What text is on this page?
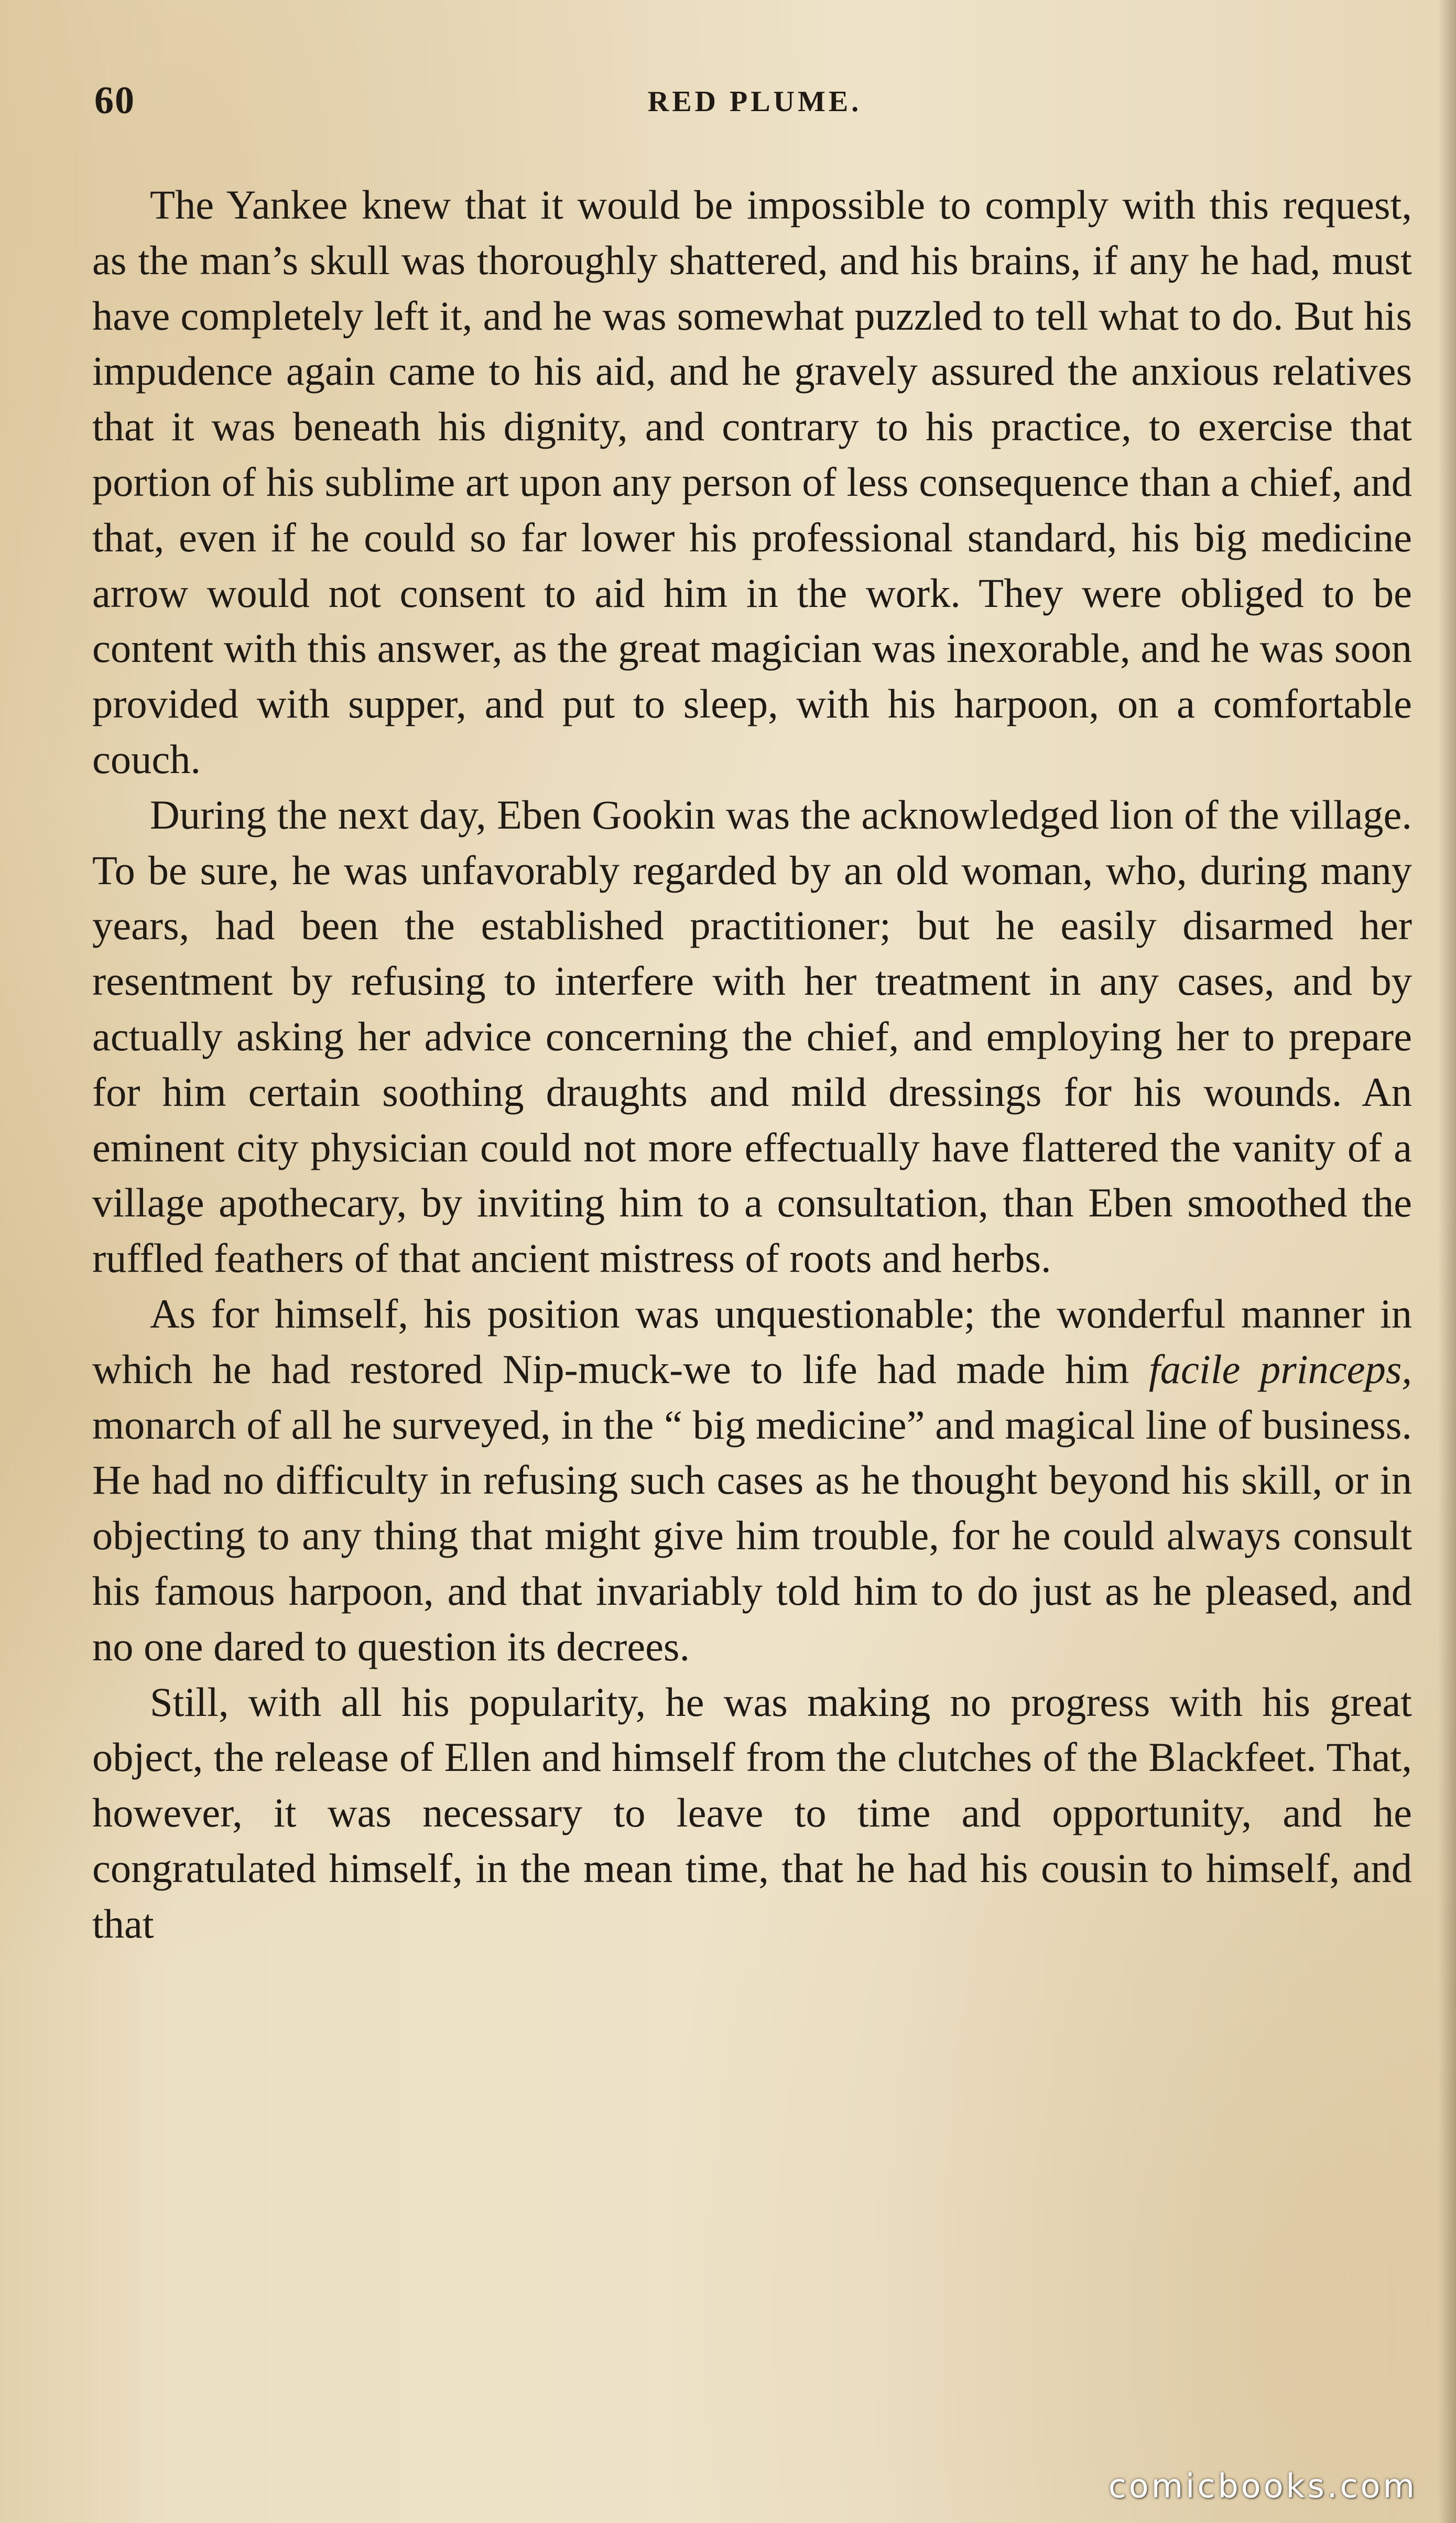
60	RED PLUME.

The Yankee knew that it would be impossible to comply with this request, as the man’s skull was thoroughly shattered, and his brains, if any he had, must have completely left it, and he was somewhat puzzled to tell what to do. But his impudence again came to his aid, and he gravely assured the anxious relatives that it was beneath his dignity, and contrary to his practice, to exercise that portion of his sublime art upon any person of less consequence than a chief, and that, even if he could so far lower his professional standard, his big medicine arrow would not consent to aid him in the work. They were obliged to be content with this answer, as the great magician was inexorable, and he was soon provided with supper, and put to sleep, with his harpoon, on a comfortable couch.

During the next day, Eben Gookin was the acknowledged lion of the village. To be sure, he was unfavorably regarded by an old woman, who, during many years, had been the established practitioner; but he easily disarmed her resentment by refusing to interfere with her treatment in any cases, and by actually asking her advice concerning the chief, and employing her to prepare for him certain soothing draughts and mild dressings for his wounds. An eminent city physician could not more effectually have flattered the vanity of a village apothecary, by inviting him to a consultation, than Eben smoothed the ruffled feathers of that ancient mistress of roots and herbs.

As for himself, his position was unquestionable; the wonderful manner in which he had restored Nip-muck-we to life had made him facile princeps, monarch of all he surveyed, in the “ big medicine” and magical line of business. He had no difficulty in refusing such cases as he thought beyond his skill, or in objecting to any thing that might give him trouble, for he could always consult his famous harpoon, and that invariably told him to do just as he pleased, and no one dared to question its decrees.

Still, with all his popularity, he was making no progress with his great object, the release of Ellen and himself from the clutches of the Blackfeet. That, however, it was necessary to leave to time and opportunity, and he congratulated himself, in the mean time, that he had his cousin to himself, and that

comicbooks.com
